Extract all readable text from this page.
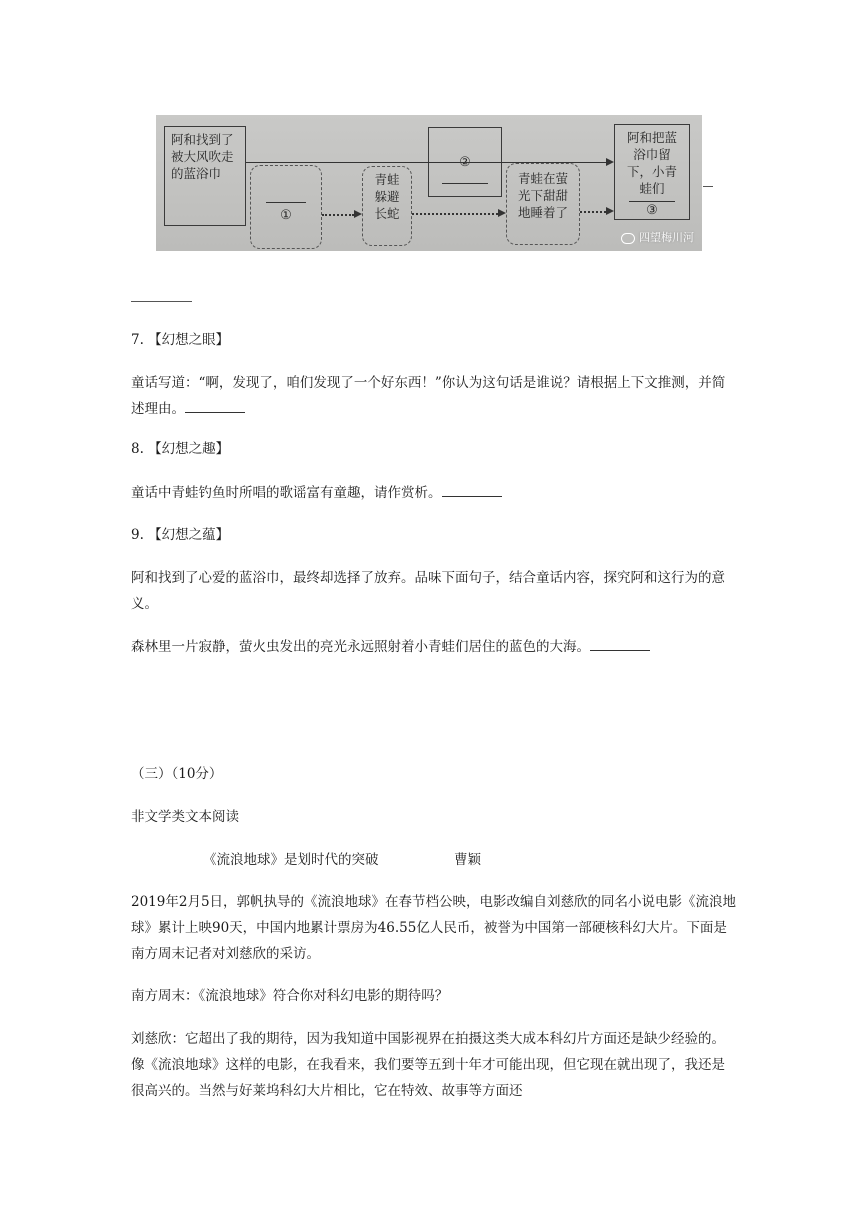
阿和找到了被大风吹走的蓝浴巾

①
青蛙躲避长蛇
②
青蛙在萤光下甜甜地睡着了
阿和把蓝浴巾留下，小青蛙们
③
四望梅川河

7. 【幻想之眼】

童话写道：“啊，发现了，咱们发现了一个好东西！”你认为这句话是谁说？请根据上下文推测，并简述理由。

8. 【幻想之趣】

童话中青蛙钓鱼时所唱的歌谣富有童趣，请作赏析。

9. 【幻想之蕴】

阿和找到了心爱的蓝浴巾，最终却选择了放弃。品味下面句子，结合童话内容，探究阿和这行为的意义。

森林里一片寂静，萤火虫发出的亮光永远照射着小青蛙们居住的蓝色的大海。

（三）（10分）

非文学类文本阅读

《流浪地球》是划时代的突破	曹颖

2019年2月5日，郭帆执导的《流浪地球》在春节档公映，电影改编自刘慈欣的同名小说电影《流浪地球》累计上映90天，中国内地累计票房为46.55亿人民币，被誉为中国第一部硬核科幻大片。下面是南方周末记者对刘慈欣的采访。

南方周末：《流浪地球》符合你对科幻电影的期待吗？

刘慈欣：它超出了我的期待，因为我知道中国影视界在拍摄这类大成本科幻片方面还是缺少经验的。像《流浪地球》这样的电影，在我看来，我们要等五到十年才可能出现，但它现在就出现了，我还是很高兴的。当然与好莱坞科幻大片相比，它在特效、故事等方面还
